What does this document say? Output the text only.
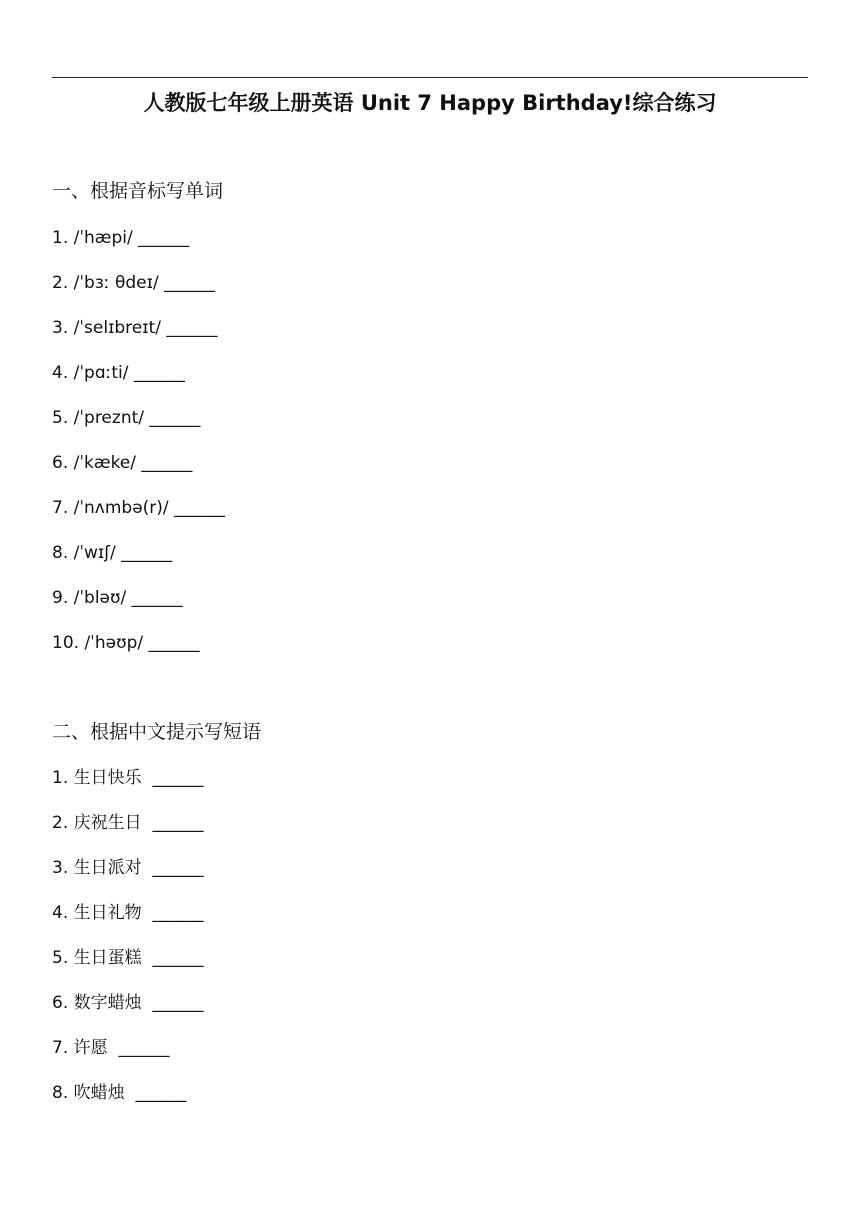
人教版七年级上册英语 Unit 7 Happy Birthday!综合练习
一、根据音标写单词
1. /ˈhæpi/ ______
2. /ˈbɜː θdeɪ/ ______
3. /ˈselɪbreɪt/ ______
4. /ˈpɑːti/ ______
5. /ˈpreznt/ ______
6. /ˈkæke/ ______
7. /ˈnʌmbə(r)/ ______
8. /ˈwɪʃ/ ______
9. /ˈbləʊ/ ______
10. /ˈhəʊp/ ______
二、根据中文提示写短语
1. 生日快乐  ______
2. 庆祝生日  ______
3. 生日派对  ______
4. 生日礼物  ______
5. 生日蛋糕  ______
6. 数字蜡烛  ______
7. 许愿  ______
8. 吹蜡烛  ______
